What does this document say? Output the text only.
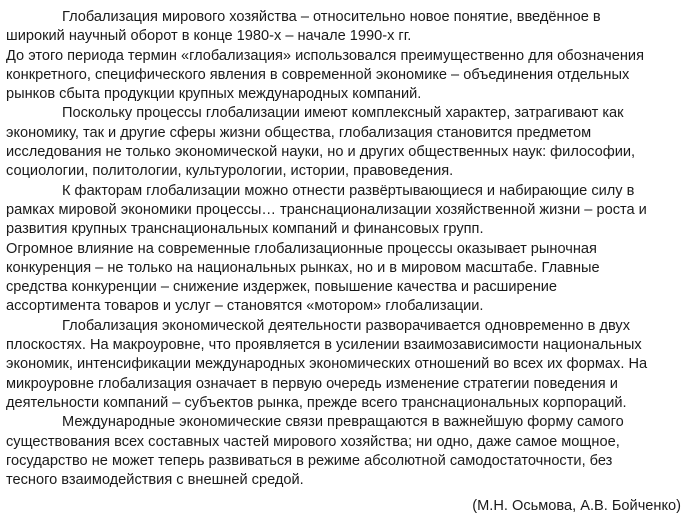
Глобализация мирового хозяйства – относительно новое понятие, введённое в
широкий научный оборот в конце 1980-х – начале 1990-х гг.
До этого периода термин «глобализация» использовался преимущественно для обозначения
конкретного, специфического явления в современной экономике – объединения отдельных
рынков сбыта продукции крупных международных компаний.
Поскольку процессы глобализации имеют комплексный характер, затрагивают как
экономику, так и другие сферы жизни общества, глобализация становится предметом
исследования не только экономической науки, но и других общественных наук: философии,
социологии, политологии, культурологии, истории, правоведения.
К факторам глобализации можно отнести развёртывающиеся и набирающие силу в
рамках мировой экономики процессы… транснационализации хозяйственной жизни – роста и
развития крупных транснациональных компаний и финансовых групп.
Огромное влияние на современные глобализационные процессы оказывает рыночная
конкуренция – не только на национальных рынках, но и в мировом масштабе. Главные
средства конкуренции – снижение издержек, повышение качества и расширение
ассортимента товаров и услуг – становятся «мотором» глобализации.
Глобализация экономической деятельности разворачивается одновременно в двух
плоскостях. На макроуровне, что проявляется в усилении взаимозависимости национальных
экономик, интенсификации международных экономических отношений во всех их формах. На
микроуровне глобализация означает в первую очередь изменение стратегии поведения и
деятельности компаний – субъектов рынка, прежде всего транснациональных корпораций.
Международные экономические связи превращаются в важнейшую форму самого
существования всех составных частей мирового хозяйства; ни одно, даже самое мощное,
государство не может теперь развиваться в режиме абсолютной самодостаточности, без
тесного взаимодействия с внешней средой.
(М.Н. Осьмова, А.В. Бойченко)
